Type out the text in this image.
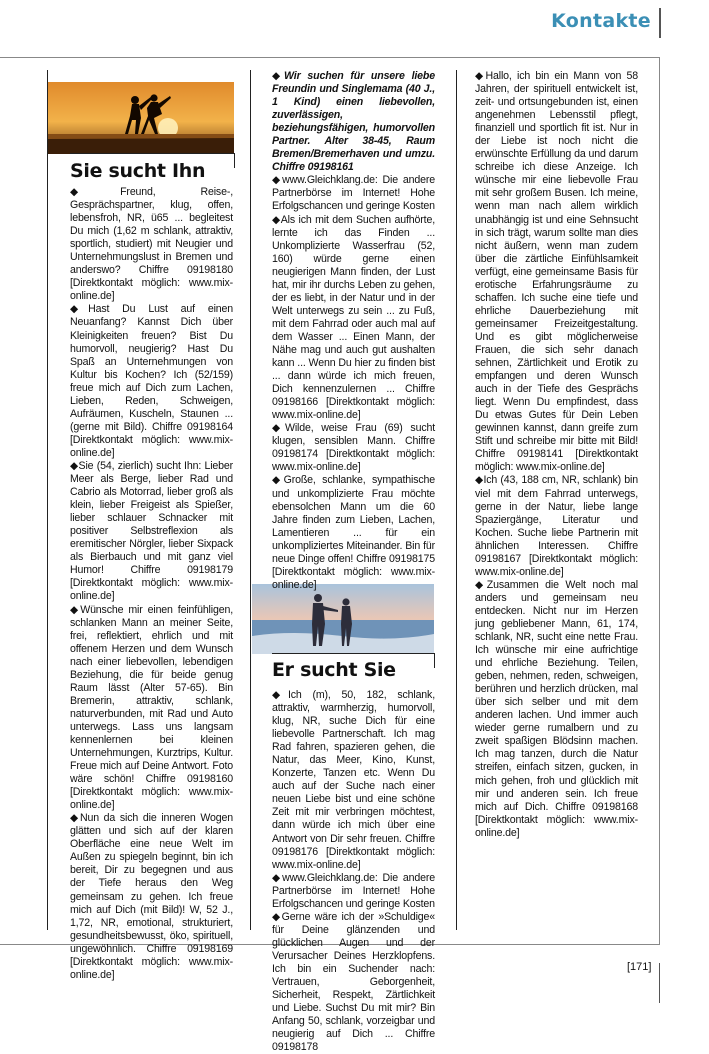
Kontakte
Sie sucht Ihn
Er sucht Sie

◆Freund, Reise-, Gesprächspartner, klug, offen, lebensfroh, NR, ü65 ... begleitest Du mich (1,62 m schlank, attraktiv, sportlich, studiert) mit Neugier und Unternehmungslust in Bremen und anderswo? Chiffre 09198180 [Direktkontakt möglich: www.mix-online.de]

◆Hast Du Lust auf einen Neuanfang? Kannst Dich über Kleinigkeiten freuen? Bist Du humorvoll, neugierig? Hast Du Spaß an Unternehmungen von Kultur bis Kochen? Ich (52/159) freue mich auf Dich zum Lachen, Lieben, Reden, Schweigen, Aufräumen, Kuscheln, Staunen ... (gerne mit Bild). Chiffre 09198164 [Direktkontakt möglich: www.mix-online.de]

◆Sie (54, zierlich) sucht Ihn: Lieber Meer als Berge, lieber Rad und Cabrio als Motorrad, lieber groß als klein, lieber Freigeist als Spießer, lieber schlauer Schnacker mit positiver Selbstreflexion als eremitischer Nörgler, lieber Sixpack als Bierbauch und mit ganz viel Humor! Chiffre 09198179 [Direktkontakt möglich: www.mix-online.de]

◆Wünsche mir einen feinfühligen, schlanken Mann an meiner Seite, frei, reflektiert, ehrlich und mit offenem Herzen und dem Wunsch nach einer liebevollen, lebendigen Beziehung, die für beide genug Raum lässt (Alter 57-65). Bin Bremerin, attraktiv, schlank, naturverbunden, mit Rad und Auto unterwegs. Lass uns langsam kennenlernen bei kleinen Unternehmungen, Kurztrips, Kultur. Freue mich auf Deine Antwort. Foto wäre schön! Chiffre 09198160 [Direktkontakt möglich: www.mix-online.de]

◆Nun da sich die inneren Wogen glätten und sich auf der klaren Oberfläche eine neue Welt im Außen zu spiegeln beginnt, bin ich bereit, Dir zu begegnen und aus der Tiefe heraus den Weg gemeinsam zu gehen. Ich freue mich auf Dich (mit Bild)! W, 52 J., 1,72, NR, emotional, strukturiert, gesundheitsbewusst, öko, spirituell, ungewöhnlich. Chiffre 09198169 [Direktkontakt möglich: www.mix-online.de]

◆Wir suchen für unsere liebe Freundin und Singlemama (40 J., 1 Kind) einen liebevollen, zuverlässigen, beziehungsfähigen, humorvollen Partner. Alter 38-45, Raum Bremen/Bremerhaven und umzu. Chiffre 09198161

◆www.Gleichklang.de: Die andere Partnerbörse im Internet! Hohe Erfolgschancen und geringe Kosten

◆Als ich mit dem Suchen aufhörte, lernte ich das Finden ... Unkomplizierte Wasserfrau (52, 160) würde gerne einen neugierigen Mann finden, der Lust hat, mir ihr durchs Leben zu gehen, der es liebt, in der Natur und in der Welt unterwegs zu sein ... zu Fuß, mit dem Fahrrad oder auch mal auf dem Wasser ... Einen Mann, der Nähe mag und auch gut aushalten kann ... Wenn Du hier zu finden bist ... dann würde ich mich freuen, Dich kennenzulernen ... Chiffre 09198166 [Direktkontakt möglich: www.mix-online.de]

◆Wilde, weise Frau (69) sucht klugen, sensiblen Mann. Chiffre 09198174 [Direktkontakt möglich: www.mix-online.de]

◆Große, schlanke, sympathische und unkomplizierte Frau möchte ebensolchen Mann um die 60 Jahre finden zum Lieben, Lachen, Lamentieren ... für ein unkompliziertes Miteinander. Bin für neue Dinge offen! Chiffre 09198175 [Direktkontakt möglich: www.mix-online.de]

◆Ich (m), 50, 182, schlank, attraktiv, warmherzig, humorvoll, klug, NR, suche Dich für eine liebevolle Partnerschaft. Ich mag Rad fahren, spazieren gehen, die Natur, das Meer, Kino, Kunst, Konzerte, Tanzen etc. Wenn Du auch auf der Suche nach einer neuen Liebe bist und eine schöne Zeit mit mir verbringen möchtest, dann würde ich mich über eine Antwort von Dir sehr freuen. Chiffre 09198176 [Direktkontakt möglich: www.mix-online.de]

◆www.Gleichklang.de: Die andere Partnerbörse im Internet! Hohe Erfolgschancen und geringe Kosten

◆Gerne wäre ich der »Schuldige« für Deine glänzenden und glücklichen Augen und der Verursacher Deines Herzklopfens. Ich bin ein Suchender nach: Vertrauen, Geborgenheit, Sicherheit, Respekt, Zärtlichkeit und Liebe. Suchst Du mit mir? Bin Anfang 50, schlank, vorzeigbar und neugierig auf Dich ... Chiffre 09198178

◆Hallo, ich bin ein Mann von 58 Jahren, der spirituell entwickelt ist, zeit- und ortsungebunden ist, einen angenehmen Lebensstil pflegt, finanziell und sportlich fit ist. Nur in der Liebe ist noch nicht die erwünschte Erfüllung da und darum schreibe ich diese Anzeige. Ich wünsche mir eine liebevolle Frau mit sehr großem Busen. Ich meine, wenn man nach allem wirklich unabhängig ist und eine Sehnsucht in sich trägt, warum sollte man dies nicht äußern, wenn man zudem über die zärtliche Einfühlsamkeit verfügt, eine gemeinsame Basis für erotische Erfahrungsräume zu schaffen. Ich suche eine tiefe und ehrliche Dauerbeziehung mit gemeinsamer Freizeitgestaltung. Und es gibt möglicherweise Frauen, die sich sehr danach sehnen, Zärtlichkeit und Erotik zu empfangen und deren Wunsch auch in der Tiefe des Gesprächs liegt. Wenn Du empfindest, dass Du etwas Gutes für Dein Leben gewinnen kannst, dann greife zum Stift und schreibe mir bitte mit Bild! Chiffre 09198141 [Direktkontakt möglich: www.mix-online.de]

◆Ich (43, 188 cm, NR, schlank) bin viel mit dem Fahrrad unterwegs, gerne in der Natur, liebe lange Spaziergänge, Literatur und Kochen. Suche liebe Partnerin mit ähnlichen Interessen. Chiffre 09198167 [Direktkontakt möglich: www.mix-online.de]

◆Zusammen die Welt noch mal anders und gemeinsam neu entdecken. Nicht nur im Herzen jung gebliebener Mann, 61, 174, schlank, NR, sucht eine nette Frau. Ich wünsche mir eine aufrichtige und ehrliche Beziehung. Teilen, geben, nehmen, reden, schweigen, berühren und herzlich drücken, mal über sich selber und mit dem anderen lachen. Und immer auch wieder gerne rumalbern und zu zweit spaßigen Blödsinn machen. Ich mag tanzen, durch die Natur streifen, einfach sitzen, gucken, in mich gehen, froh und glücklich mit mir und anderen sein. Ich freue mich auf Dich. Chiffre 09198168 [Direktkontakt möglich: www.mix-online.de]

[171]
